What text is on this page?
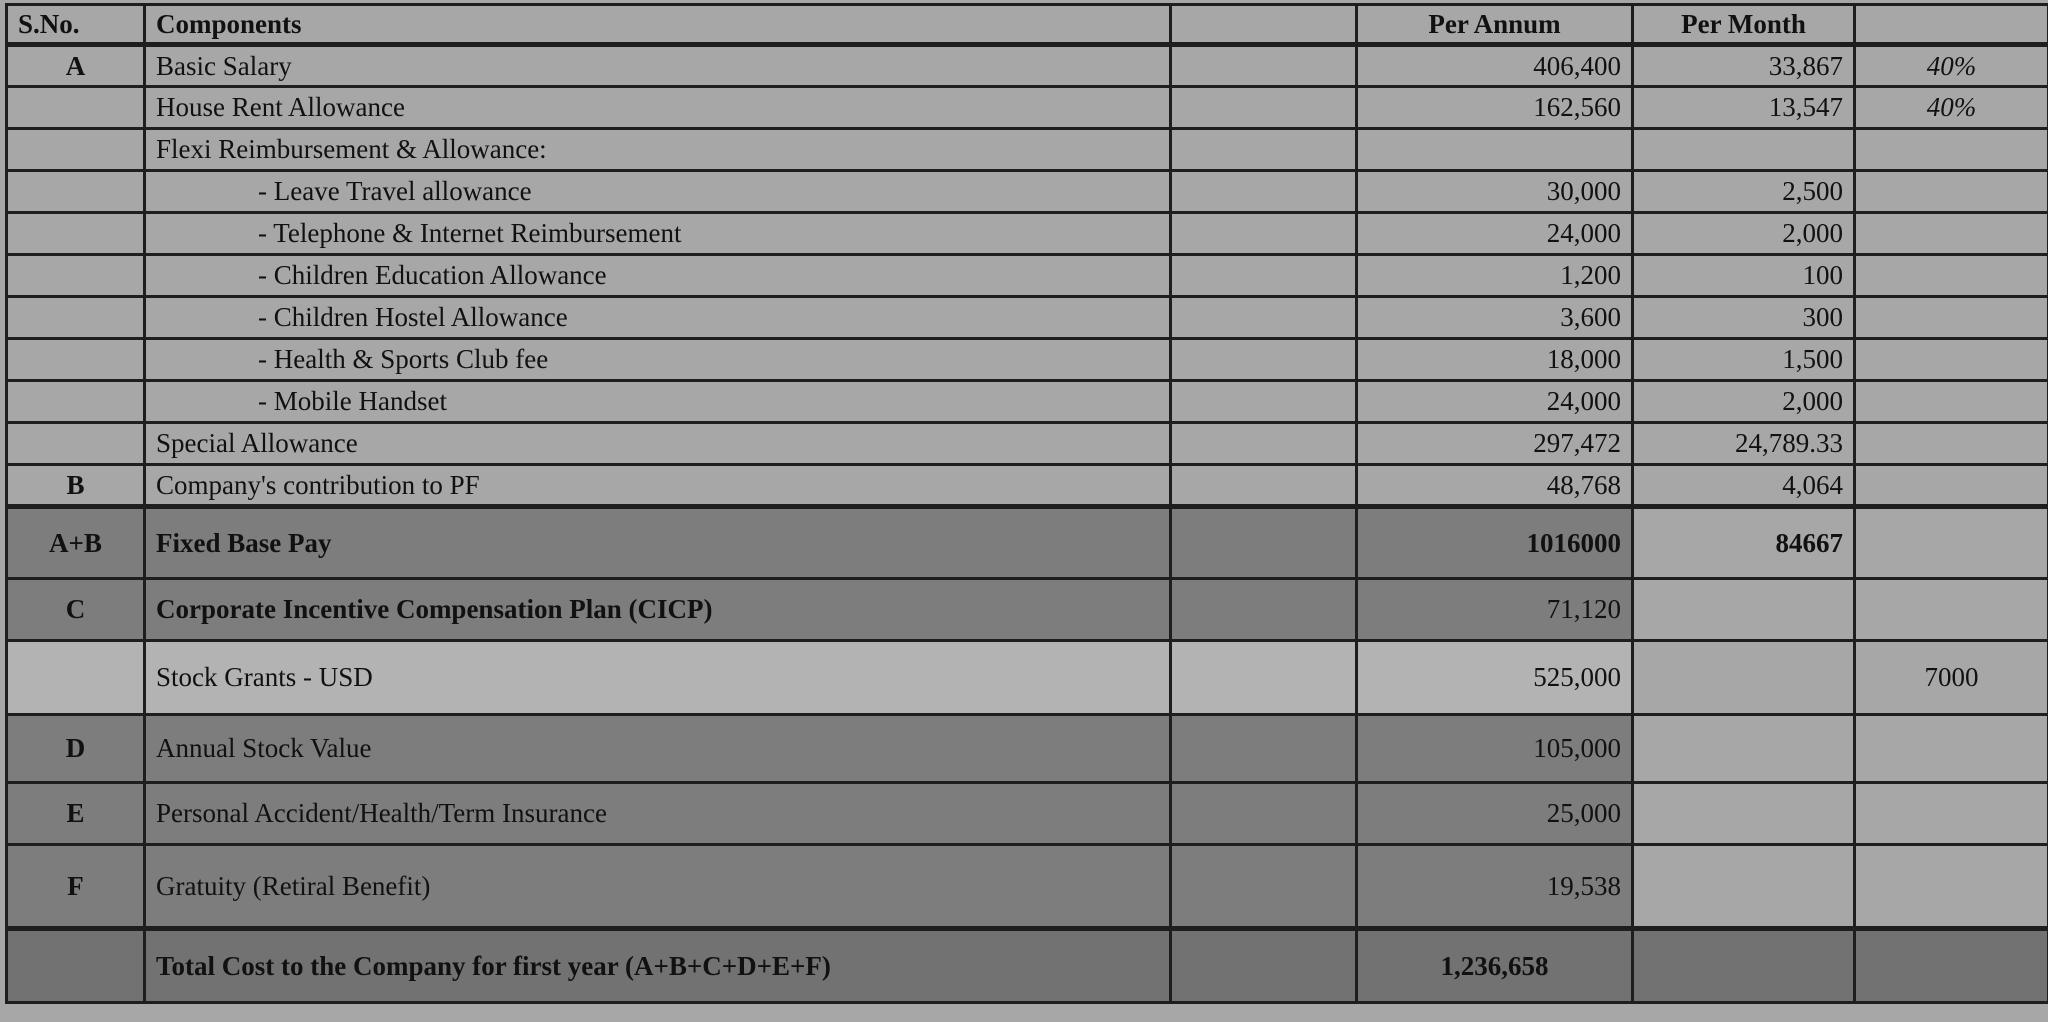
S.No.	Components		Per Annum	Per Month	
A	Basic Salary		406,400	33,867	40%
	House Rent Allowance		162,560	13,547	40%
	Flexi Reimbursement & Allowance:				
	- Leave Travel allowance		30,000	2,500	
	- Telephone & Internet Reimbursement		24,000	2,000	
	- Children Education Allowance		1,200	100	
	- Children Hostel Allowance		3,600	300	
	- Health & Sports Club fee		18,000	1,500	
	- Mobile Handset		24,000	2,000	
	Special Allowance		297,472	24,789.33	
B	Company's contribution to PF		48,768	4,064	
A+B	Fixed Base Pay		1016000	84667	
C	Corporate Incentive Compensation Plan (CICP)		71,120		
	Stock Grants - USD		525,000		7000
D	Annual Stock Value		105,000		
E	Personal Accident/Health/Term Insurance		25,000		
F	Gratuity (Retiral Benefit)		19,538		
	Total Cost to the Company for first year (A+B+C+D+E+F)		1,236,658		
